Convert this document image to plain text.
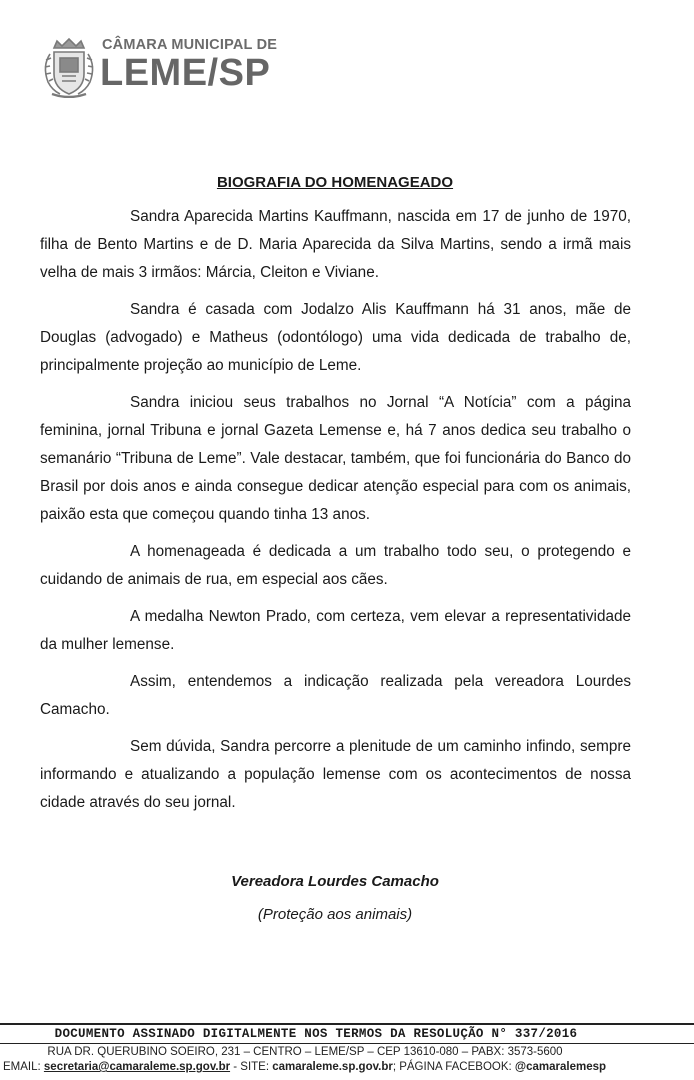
CÂMARA MUNICIPAL DE
LEME/SP
BIOGRAFIA DO HOMENAGEADO

Sandra Aparecida Martins Kauffmann, nascida em 17 de junho de 1970, filha de Bento Martins e de D. Maria Aparecida da Silva Martins, sendo a irmã mais velha de mais 3 irmãos: Márcia, Cleiton e Viviane.

Sandra é casada com Jodalzo Alis Kauffmann há 31 anos, mãe de Douglas (advogado) e Matheus (odontólogo) uma vida dedicada de trabalho de, principalmente projeção ao município de Leme.

Sandra iniciou seus trabalhos no Jornal “A Notícia” com a página feminina, jornal Tribuna e jornal Gazeta Lemense e, há 7 anos dedica seu trabalho o semanário “Tribuna de Leme”. Vale destacar, também, que foi funcionária do Banco do Brasil por dois anos e ainda consegue dedicar atenção especial para com os animais, paixão esta que começou quando tinha 13 anos.

A homenageada é dedicada a um trabalho todo seu, o protegendo e cuidando de animais de rua, em especial aos cães.

A medalha Newton Prado, com certeza, vem elevar a representatividade da mulher lemense.

Assim, entendemos a indicação realizada pela vereadora Lourdes Camacho.

Sem dúvida, Sandra percorre a plenitude de um caminho infindo, sempre informando e atualizando a população lemense com os acontecimentos de nossa cidade através do seu jornal.

Vereadora Lourdes Camacho
(Proteção aos animais)
DOCUMENTO ASSINADO DIGITALMENTE NOS TERMOS DA RESOLUÇÃO N° 337/2016
RUA DR. QUERUBINO SOEIRO, 231 – CENTRO – LEME/SP – CEP 13610-080 – PABX: 3573-5600
EMAIL: secretaria@camaraleme.sp.gov.br - SITE: camaraleme.sp.gov.br; PÁGINA FACEBOOK: @camaralemesp
